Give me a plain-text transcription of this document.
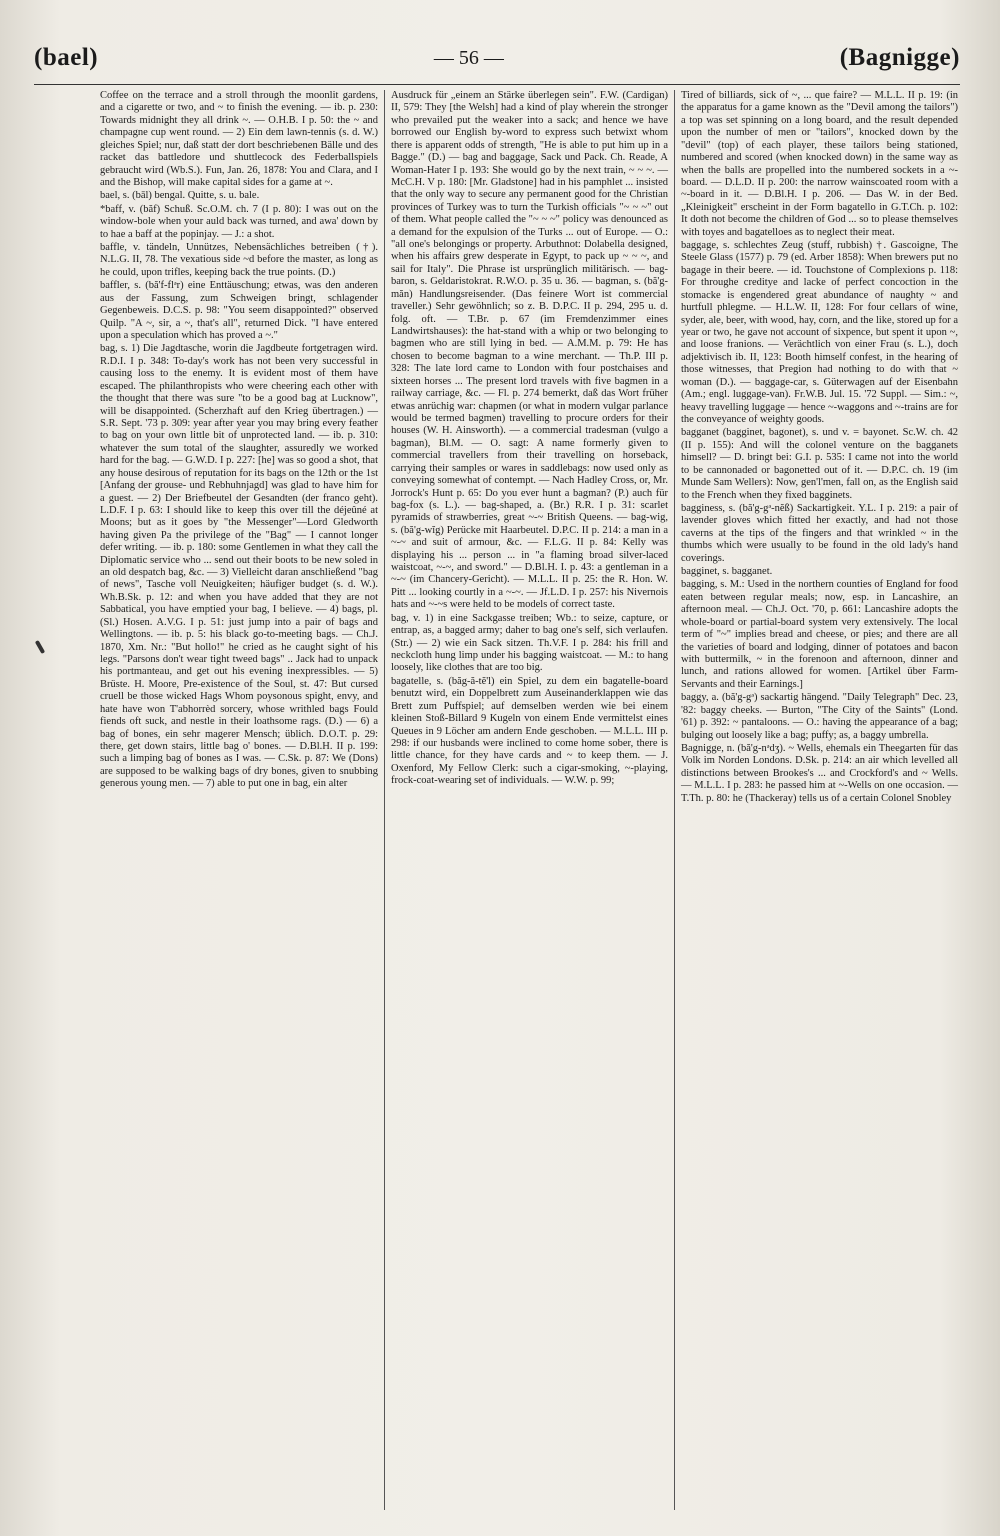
(bael)	— 56 —	(Bagnigge)

Coffee on the terrace and a stroll through the moonlit gardens, and a cigarette or two, and ~ to finish the evening. — ib. p. 230: Towards midnight they all drink ~. — O.H.B. I p. 50: the ~ and champagne cup went round. — 2) Ein dem lawn-tennis (s. d. W.) gleiches Spiel; nur, daß statt der dort beschriebenen Bälle und des racket das battledore und shuttlecock des Federballspiels gebraucht wird (Wb.S.). Fun, Jan. 26, 1878: You and Clara, and I and the Bishop, will make capital sides for a game at ~.

bael, s. (bāl) bengal. Quitte, s. u. bale.

*baff, v. (băf) Schuß. Sc.O.M. ch. 7 (I p. 80): I was out on the window-bole when your auld back was turned, and awa' down by to hae a baff at the popinjay. — J.: a shot.

baffle, v. tändeln, Unnützes, Nebensächliches betreiben (†). N.L.G. II, 78. The vexatious side ~d before the master, as long as he could, upon trifles, keeping back the true points. (D.)

baffler, s. (bă'f-flᵊr) eine Enttäuschung; etwas, was den anderen aus der Fassung, zum Schweigen bringt, schlagender Gegenbeweis. D.C.S. p. 98: "You seem disappointed?" observed Quilp. "A ~, sir, a ~, that's all", returned Dick. "I have entered upon a speculation which has proved a ~."

bag, s. 1) Die Jagdtasche, worin die Jagdbeute fortgetragen wird. R.D.I. I p. 348: To-day's work has not been very successful in causing loss to the enemy. It is evident most of them have escaped. The philanthropists who were cheering each other with the thought that there was sure "to be a good bag at Lucknow", will be disappointed. (Scherzhaft auf den Krieg übertragen.) — S.R. Sept. '73 p. 309: year after year you may bring every feather to bag on your own little bit of unprotected land. — ib. p. 310: whatever the sum total of the slaughter, assuredly we worked hard for the bag. — G.W.D. I p. 227: [he] was so good a shot, that any house desirous of reputation for its bags on the 12th or the 1st [Anfang der grouse- und Rebhuhnjagd] was glad to have him for a guest. — 2) Der Briefbeutel der Gesandten (der franco geht). L.D.F. I p. 63: I should like to keep this over till the déjeûné at Moons; but as it goes by "the Messenger"—Lord Gledworth having given Pa the privilege of the "Bag" — I cannot longer defer writing. — ib. p. 180: some Gentlemen in what they call the Diplomatic service who ... send out their boots to be new soled in an old despatch bag, &c. — 3) Vielleicht daran anschließend "bag of news", Tasche voll Neuigkeiten; häufiger budget (s. d. W.). Wh.B.Sk. p. 12: and when you have added that they are not Sabbatical, you have emptied your bag, I believe. — 4) bags, pl. (Sl.) Hosen. A.V.G. I p. 51: just jump into a pair of bags and Wellingtons. — ib. p. 5: his black go-to-meeting bags. — Ch.J. 1870, Xm. Nr.: "But hollo!" he cried as he caught sight of his legs. "Parsons don't wear tight tweed bags" .. Jack had to unpack his portmanteau, and get out his evening inexpressibles. — 5) Brüste. H. Moore, Pre-existence of the Soul, st. 47: But cursed cruell be those wicked Hags Whom poysonous spight, envy, and hate have won T'abhorrèd sorcery, whose writhled bags Fould fiends oft suck, and nestle in their loathsome rags. (D.) — 6) a bag of bones, ein sehr magerer Mensch; üblich. D.O.T. p. 29: there, get down stairs, little bag o' bones. — D.Bl.H. II p. 199: such a limping bag of bones as I was. — C.Sk. p. 87: We (Dons) are supposed to be walking bags of dry bones, given to snubbing generous young men. — 7) able to put one in bag, ein alter

Ausdruck für „einem an Stärke überlegen sein". F.W. (Cardigan) II, 579: They [the Welsh] had a kind of play wherein the stronger who prevailed put the weaker into a sack; and hence we have borrowed our English by-word to express such betwixt whom there is apparent odds of strength, "He is able to put him up in a Bagge." (D.) — bag and baggage, Sack und Pack. Ch. Reade, A Woman-Hater I p. 193: She would go by the next train, ~ ~ ~. — McC.H. V p. 180: [Mr. Gladstone] had in his pamphlet ... insisted that the only way to secure any permanent good for the Christian provinces of Turkey was to turn the Turkish officials "~ ~ ~" out of them. What people called the "~ ~ ~" policy was denounced as a demand for the expulsion of the Turks ... out of Europe. — O.: "all one's belongings or property. Arbuthnot: Dolabella designed, when his affairs grew desperate in Egypt, to pack up ~ ~ ~, and sail for Italy". Die Phrase ist ursprünglich militärisch. — bag-baron, s. Geldaristokrat. R.W.O. p. 35 u. 36. — bagman, s. (bă'g-măn) Handlungsreisender. (Das feinere Wort ist commercial traveller.) Sehr gewöhnlich; so z. B. D.P.C. II p. 294, 295 u. d. folg. oft. — T.Br. p. 67 (im Fremdenzimmer eines Landwirtshauses): the hat-stand with a whip or two belonging to bagmen who are still lying in bed. — A.M.M. p. 79: He has chosen to become bagman to a wine merchant. — Th.P. III p. 328: The late lord came to London with four postchaises and sixteen horses ... The present lord travels with five bagmen in a railway carriage, &c. — Fl. p. 274 bemerkt, daß das Wort früher etwas anrüchig war: chapmen (or what in modern vulgar parlance would be termed bagmen) travelling to procure orders for their houses (W. H. Ainsworth). — a commercial tradesman (vulgo a bagman), Bl.M. — O. sagt: A name formerly given to commercial travellers from their travelling on horseback, carrying their samples or wares in saddlebags: now used only as conveying somewhat of contempt. — Nach Hadley Cross, or, Mr. Jorrock's Hunt p. 65: Do you ever hunt a bagman? (P.) auch für bag-fox (s. L.). — bag-shaped, a. (Br.) R.R. I p. 31: scarlet pyramids of strawberries, great ~-~ British Queens. — bag-wig, s. (bă'g-wĭg) Perücke mit Haarbeutel. D.P.C. II p. 214: a man in a ~-~ and suit of armour, &c. — F.L.G. II p. 84: Kelly was displaying his ... person ... in "a flaming broad silver-laced waistcoat, ~-~, and sword." — D.Bl.H. I. p. 43: a gentleman in a ~-~ (im Chancery-Gericht). — M.L.L. II p. 25: the R. Hon. W. Pitt ... looking courtly in a ~-~. — Jf.L.D. I p. 257: his Nivernois hats and ~-~s were held to be models of correct taste.

bag, v. 1) in eine Sackgasse treiben; Wb.: to seize, capture, or entrap, as, a bagged army; daher to bag one's self, sich verlaufen. (Str.) — 2) wie ein Sack sitzen. Th.V.F. I p. 284: his frill and neckcloth hung limp under his bagging waistcoat. — M.: to hang loosely, like clothes that are too big.

bagatelle, s. (băg-ă-tĕ'l) ein Spiel, zu dem ein bagatelle-board benutzt wird, ein Doppelbrett zum Auseinanderklappen wie das Brett zum Puffspiel; auf demselben werden wie bei einem kleinen Stoß-Billard 9 Kugeln von einem Ende vermittelst eines Queues in 9 Löcher am andern Ende geschoben. — M.L.L. III p. 298: if our husbands were inclined to come home sober, there is little chance, for they have cards and ~ to keep them. — J. Oxenford, My Fellow Clerk: such a cigar-smoking, ~-playing, frock-coat-wearing set of individuals. — W.W. p. 99;

Tired of billiards, sick of ~, ... que faire? — M.L.L. II p. 19: (in the apparatus for a game known as the "Devil among the tailors") a top was set spinning on a long board, and the result depended upon the number of men or "tailors", knocked down by the "devil" (top) of each player, these tailors being stationed, numbered and scored (when knocked down) in the same way as when the balls are propelled into the numbered sockets in a ~-board. — D.L.D. II p. 200: the narrow wainscoated room with a ~-board in it. — D.Bl.H. I p. 206. — Das W. in der Bed. „Kleinigkeit" erscheint in der Form bagatello in G.T.Ch. p. 102: It doth not become the children of God ... so to please themselves with toyes and bagatelloes as to neglect their meat.

baggage, s. schlechtes Zeug (stuff, rubbish) †. Gascoigne, The Steele Glass (1577) p. 79 (ed. Arber 1858): When brewers put no bagage in their beere. — id. Touchstone of Complexions p. 118: For throughe creditye and lacke of perfect concoction in the stomacke is engendered great abundance of naughty ~ and hurtfull phlegme. — H.L.W. II, 128: For four cellars of wine, syder, ale, beer, with wood, hay, corn, and the like, stored up for a year or two, he gave not account of sixpence, but spent it upon ~, and loose franions. — Verächtlich von einer Frau (s. L.), doch adjektivisch ib. II, 123: Booth himself confest, in the hearing of those witnesses, that Pregion had nothing to do with that ~ woman (D.). — baggage-car, s. Güterwagen auf der Eisenbahn (Am.; engl. luggage-van). Fr.W.B. Jul. 15. '72 Suppl. — Sim.: ~, heavy travelling luggage — hence ~-waggons and ~-trains are for the conveyance of weighty goods.

bagganet (bagginet, bagonet), s. und v. = bayonet. Sc.W. ch. 42 (II p. 155): And will the colonel venture on the bagganets himsell? — D. bringt bei: G.I. p. 535: I came not into the world to be cannonaded or bagonetted out of it. — D.P.C. ch. 19 (im Munde Sam Wellers): Now, gen'l'men, fall on, as the English said to the French when they fixed bagginets.

bagginess, s. (bă'g-gᵊ-nĕß) Sackartigkeit. Y.L. I p. 219: a pair of lavender gloves which fitted her exactly, and had not those caverns at the tips of the fingers and that wrinkled ~ in the thumbs which were usually to be found in the old lady's hand coverings.

bagginet, s. bagganet.

bagging, s. M.: Used in the northern counties of England for food eaten between regular meals; now, esp. in Lancashire, an afternoon meal. — Ch.J. Oct. '70, p. 661: Lancashire adopts the whole-board or partial-board system very extensively. The local term of "~" implies bread and cheese, or pies; and there are all the varieties of board and lodging, dinner of potatoes and bacon with buttermilk, ~ in the forenoon and afternoon, dinner and lunch, and rations allowed for women. [Artikel über Farm-Servants and their Earnings.]

baggy, a. (bă'g-gᵊ) sackartig hängend. "Daily Telegraph" Dec. 23, '82: baggy cheeks. — Burton, "The City of the Saints" (Lond. '61) p. 392: ~ pantaloons. — O.: having the appearance of a bag; bulging out loosely like a bag; puffy; as, a baggy umbrella.

Bagnigge, n. (bă'g-nᵊdʒ). ~ Wells, ehemals ein Theegarten für das Volk im Norden Londons. D.Sk. p. 214: an air which levelled all distinctions between Brookes's ... and Crockford's and ~ Wells. — M.L.L. I p. 283: he passed him at ~-Wells on one occasion. — T.Th. p. 80: he (Thackeray) tells us of a certain Colonel Snobley
